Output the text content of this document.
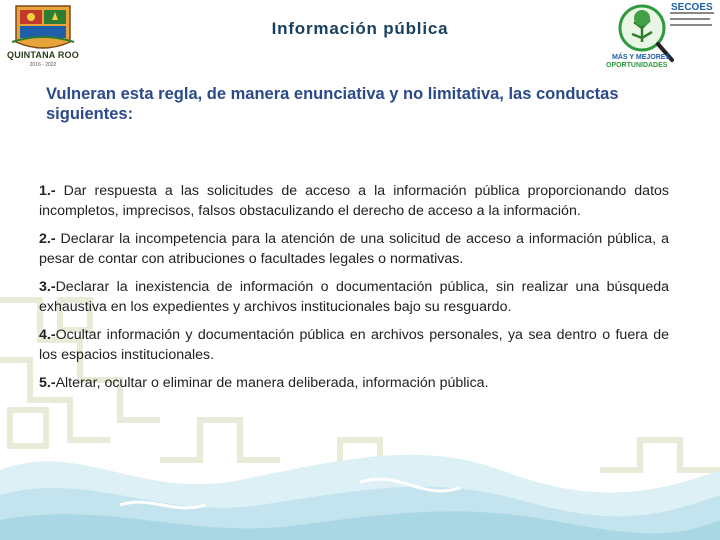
QUINTANA ROO
2016 - 2022
Información pública
SECOES
MÁS Y MEJORES
OPORTUNIDADES
Vulneran esta regla, de manera enunciativa y no limitativa, las conductas siguientes:
1.- Dar respuesta a las solicitudes de acceso a la información pública proporcionando datos incompletos, imprecisos, falsos obstaculizando el derecho de acceso a la información.
2.- Declarar la incompetencia para la atención de una solicitud de acceso a información pública, a pesar de contar con atribuciones o facultades legales o normativas.
3.-Declarar la inexistencia de información o documentación pública, sin realizar una búsqueda exhaustiva en los expedientes y archivos institucionales bajo su resguardo.
4.-Ocultar información y documentación pública en archivos personales, ya sea dentro o fuera de los espacios institucionales.
5.-Alterar, ocultar o eliminar de manera deliberada, información pública.
